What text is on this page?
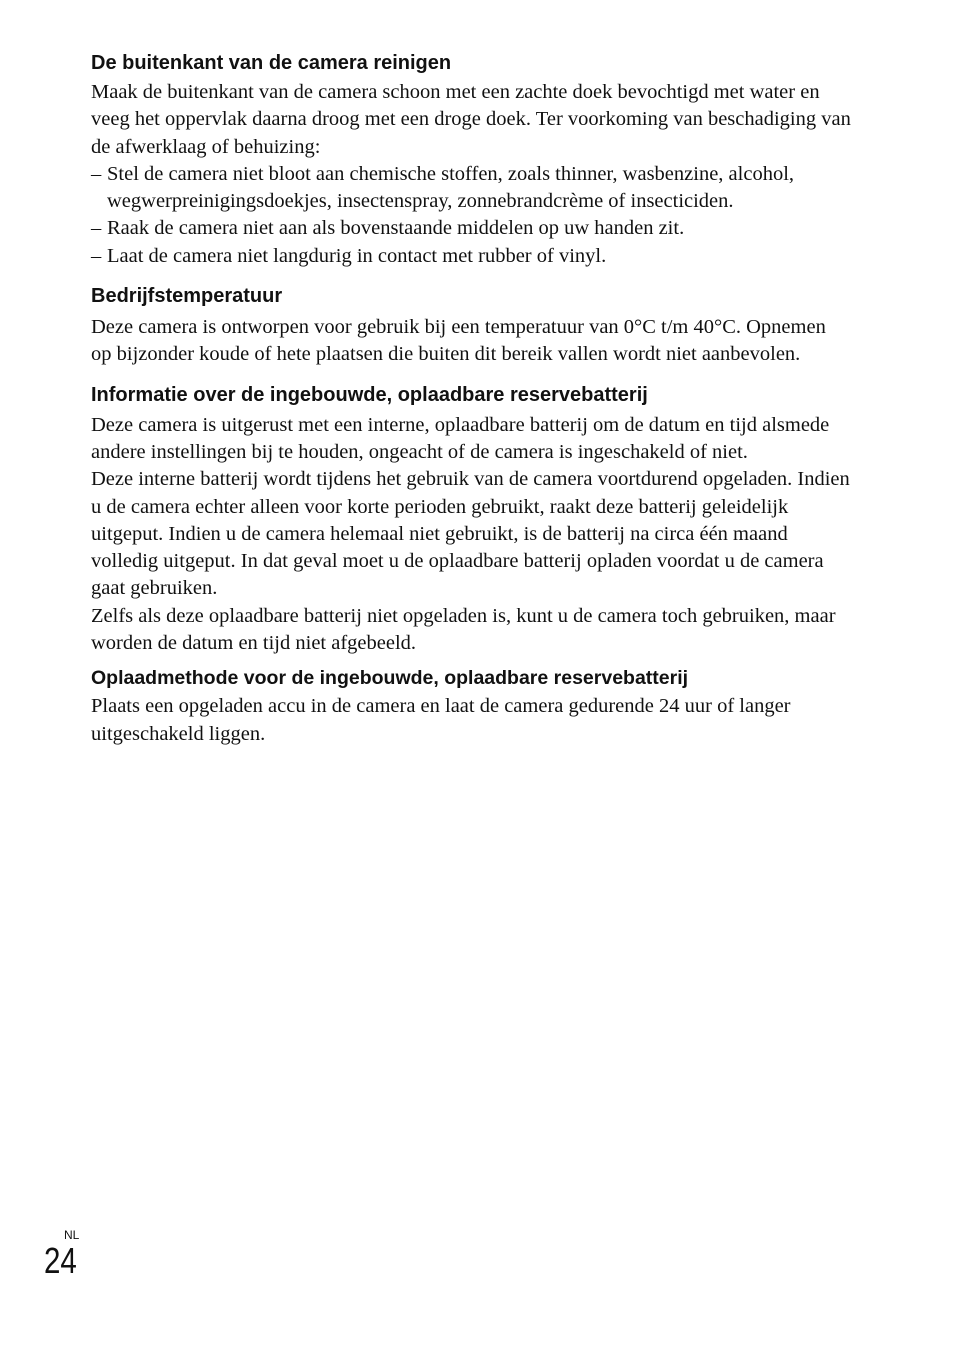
De buitenkant van de camera reinigen

Maak de buitenkant van de camera schoon met een zachte doek bevochtigd met water en veeg het oppervlak daarna droog met een droge doek. Ter voorkoming van beschadiging van de afwerklaag of behuizing:

– Stel de camera niet bloot aan chemische stoffen, zoals thinner, wasbenzine, alcohol, wegwerpreinigingsdoekjes, insectenspray, zonnebrandcrème of insecticiden.
– Raak de camera niet aan als bovenstaande middelen op uw handen zit.
– Laat de camera niet langdurig in contact met rubber of vinyl.
Bedrijfstemperatuur

Deze camera is ontworpen voor gebruik bij een temperatuur van 0°C t/m 40°C. Opnemen op bijzonder koude of hete plaatsen die buiten dit bereik vallen wordt niet aanbevolen.

Informatie over de ingebouwde, oplaadbare reservebatterij

Deze camera is uitgerust met een interne, oplaadbare batterij om de datum en tijd alsmede andere instellingen bij te houden, ongeacht of de camera is ingeschakeld of niet.

Deze interne batterij wordt tijdens het gebruik van de camera voortdurend opgeladen. Indien u de camera echter alleen voor korte perioden gebruikt, raakt deze batterij geleidelijk uitgeput. Indien u de camera helemaal niet gebruikt, is de batterij na circa één maand volledig uitgeput. In dat geval moet u de oplaadbare batterij opladen voordat u de camera gaat gebruiken.

Zelfs als deze oplaadbare batterij niet opgeladen is, kunt u de camera toch gebruiken, maar worden de datum en tijd niet afgebeeld.

Oplaadmethode voor de ingebouwde, oplaadbare reservebatterij

Plaats een opgeladen accu in de camera en laat de camera gedurende 24 uur of langer uitgeschakeld liggen.

NL
24
